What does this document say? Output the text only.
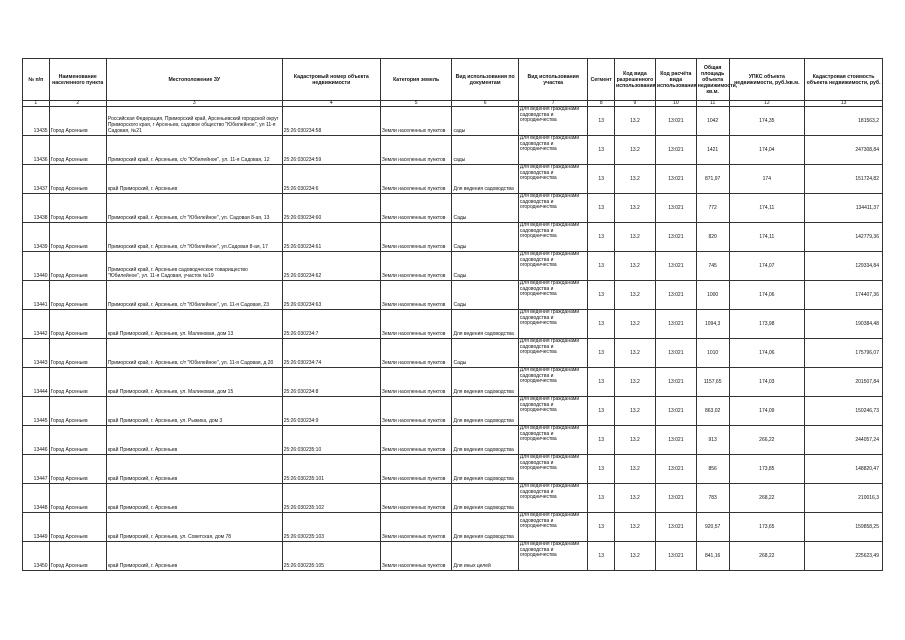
№ п/п	Наименование населенного пункта	Местоположение ЗУ	Кадастровый номер объекта недвижимости	Категория земель	Вид использования по документам	Вид использования участка	Сегмент	Код вида разрешенного использования	Код расчёта вида использования	Общая площадь объекта недвижимости, кв.м.	УПКС объекта недвижимости, руб./кв.м.	Кадастровая стоимость объекта недвижимости, руб.
1	2	3	4	5	6	7	8	9	10	11	12	13
13435	Город Арсеньев	Российская Федерация, Приморский край, Арсеньевский городской округ Приморского края, г Арсеньев, садовое общество "Юбилейное", ул 11-я Садовая, №21	25:26:030234:58	Земли населенных пунктов	сады	Для ведения гражданами садоводства и огородничества	13	13.2	13:021	1042	174,35	181563,2
13436	Город Арсеньев	Приморский край, г. Арсеньев, с/о "Юбилейное", ул. 11-я Садовая, 12	25:26:030234:59	Земли населенных пунктов	сады	Для ведения гражданами садоводства и огородничества	13	13.2	13:021	1421	174,04	247308,84
13437	Город Арсеньев	край Приморский, г. Арсеньев	25:26:030234:6	Земли населенных пунктов	Для ведения садоводства	Для ведения гражданами садоводства и огородничества	13	13.2	13:021	871,97	174	151724,82
13438	Город Арсеньев	Приморский край, г. Арсеньев, с/т "Юбилейное", ул. Садовая 8-ая, 13	25:26:030234:60	Земли населенных пунктов	Сады	Для ведения гражданами садоводства и огородничества	13	13.2	13:021	772	174,11	134411,37
13439	Город Арсеньев	Приморский край, г. Арсеньев, с/т "Юбилейное", ул.Садовая 8-ая, 17	25:26:030234:61	Земли населенных пунктов	Сады	Для ведения гражданами садоводства и огородничества	13	13.2	13:021	820	174,11	142779,36
13440	Город Арсеньев	Приморский край, г. Арсеньев садоводческое товарищество "Юбилейное", ул. 11-я Садовая, участок №19	25:26:030234:62	Земли населенных пунктов	Сады	Для ведения гражданами садоводства и огородничества	13	13.2	13:021	745	174,07	129334,84
13441	Город Арсеньев	Приморский край, г. Арсеньев, с/т "Юбилейное", ул. 11-я Садовая, 23	25:26:030234:63	Земли населенных пунктов	Сады	Для ведения гражданами садоводства и огородничества	13	13.2	13:021	1000	174,06	174407,36
13442	Город Арсеньев	край Приморский, г. Арсеньев, ул. Малиновая, дом 13	25:26:030234:7	Земли населенных пунктов	Для ведения садоводства	Для ведения гражданами садоводства и огородничества	13	13.2	13:021	1094,3	173,98	190384,48
13443	Город Арсеньев	Приморский край, г. Арсеньев, с/т "Юбилейное", ул. 11-я Садовая, д 20	25:26:030234:74	Земли населенных пунктов	Сады	Для ведения гражданами садоводства и огородничества	13	13.2	13:021	1010	174,06	175796,07
13444	Город Арсеньев	край Приморский, г. Арсеньев, ул. Малиновая, дом 15	25:26:030234:8	Земли населенных пунктов	Для ведения садоводства	Для ведения гражданами садоводства и огородничества	13	13.2	13:021	1157,65	174,03	201507,84
13445	Город Арсеньев	край Приморский, г. Арсеньев, ул. Рыжика, дом 3	25:26:030234:9	Земли населенных пунктов	Для ведения садоводства	Для ведения гражданами садоводства и огородничества	13	13.2	13:021	863,02	174,09	150246,73
13446	Город Арсеньев	край Приморский, г. Арсеньев	25:26:030235:10	Земли населенных пунктов	Для ведения садоводства	Для ведения гражданами садоводства и огородничества	13	13.2	13:021	913	266,22	244057,24
13447	Город Арсеньев	край Приморский, г. Арсеньев	25:26:030235:101	Земли населенных пунктов	Для ведения садоводства	Для ведения гражданами садоводства и огородничества	13	13.2	13:021	856	173,85	148820,47
13448	Город Арсеньев	край Приморский, г. Арсеньев	25:26:030235:102	Земли населенных пунктов	Для ведения садоводства	Для ведения гражданами садоводства и огородничества	13	13.2	13:021	783	268,22	210016,3
13449	Город Арсеньев	край Приморский, г. Арсеньев, ул. Советская, дом 78	25:26:030235:103	Земли населенных пунктов	Для ведения садоводства	Для ведения гражданами садоводства и огородничества	13	13.2	13:021	920,57	173,65	159858,25
13450	Город Арсеньев	край Приморский, г. Арсеньев	25:26:030235:105	Земли населенных пунктов	Для иных целей	Для ведения гражданами садоводства и огородничества	13	13.2	13:021	841,16	268,22	225623,49
